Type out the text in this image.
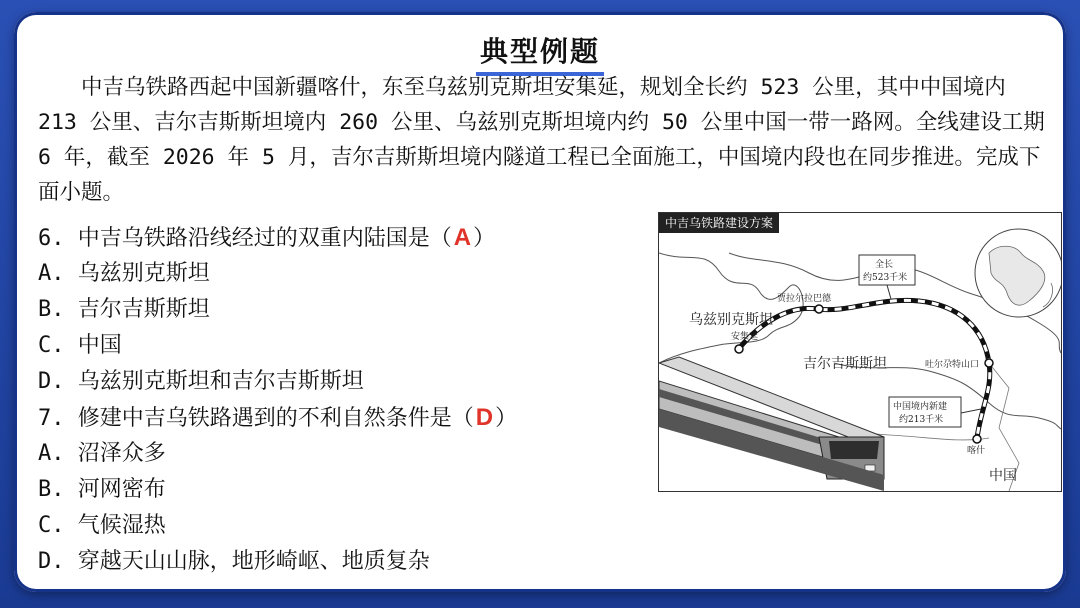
典型例题

中吉乌铁路西起中国新疆喀什，东至乌兹别克斯坦安集延，规划全长约 523 公里，其中中国境内 213 公里、吉尔吉斯斯坦境内 260 公里、乌兹别克斯坦境内约 50 公里中国一带一路网。全线建设工期 6 年，截至 2026 年 5 月，吉尔吉斯斯坦境内隧道工程已全面施工，中国境内段也在同步推进。完成下面小题。

6. 中吉乌铁路沿线经过的双重内陆国是（A）
A. 乌兹别克斯坦
B. 吉尔吉斯斯坦
C. 中国
D. 乌兹别克斯坦和吉尔吉斯斯坦
7. 修建中吉乌铁路遇到的不利自然条件是（D）
A. 沼泽众多
B. 河网密布
C. 气候湿热
D. 穿越天山山脉，地形崎岖、地质复杂
中吉乌铁路建设方案
乌兹别克斯坦
吉尔吉斯斯坦
中国
安集延
贾拉尔拉巴德
吐尔尕特山口
喀什
全长
约523千米
中国境内新建
约213千米
